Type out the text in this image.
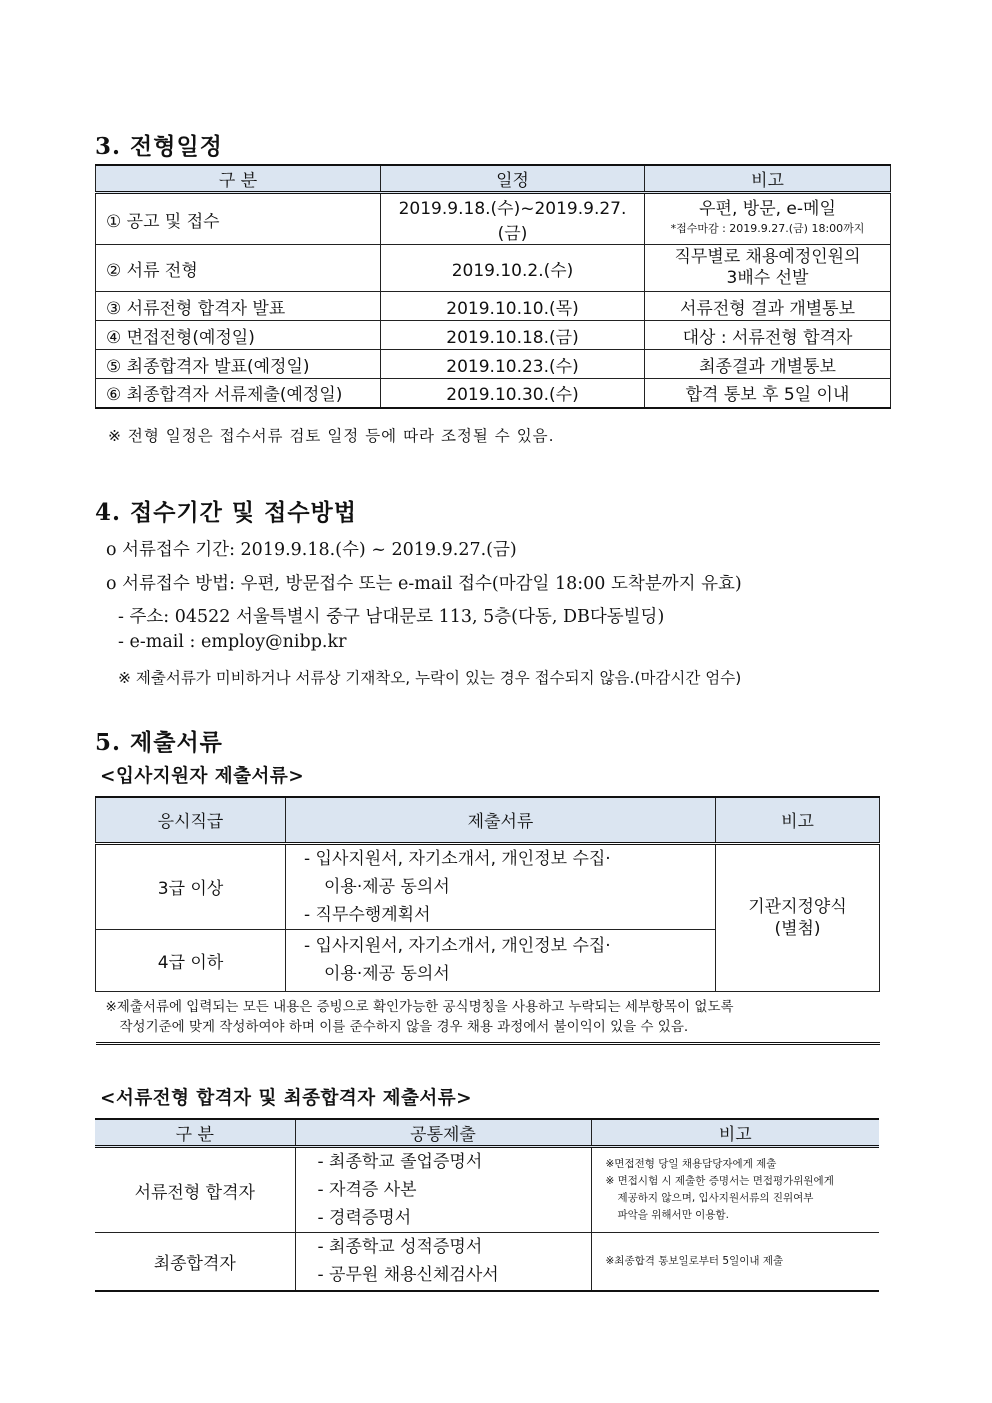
3. 전형일정
구 분	일정	비고
① 공고 및 접수	2019.9.18.(수)~2019.9.27.(금)	우편, 방문, e-메일
*접수마감 : 2019.9.27.(금) 18:00까지

② 서류 전형	2019.10.2.(수)	직무별로 채용예정인원의
3배수 선발

③ 서류전형 합격자 발표	2019.10.10.(목)	서류전형 결과 개별통보
④ 면접전형(예정일)	2019.10.18.(금)	대상 : 서류전형 합격자
⑤ 최종합격자 발표(예정일)	2019.10.23.(수)	최종결과 개별통보
⑥ 최종합격자 서류제출(예정일)	2019.10.30.(수)	합격 통보 후 5일 이내
※ 전형 일정은 접수서류 검토 일정 등에 따라 조정될 수 있음.
4. 접수기간 및 접수방법
o 서류접수 기간: 2019.9.18.(수) ~ 2019.9.27.(금)
o 서류접수 방법: 우편, 방문접수 또는 e-mail 접수(마감일 18:00 도착분까지 유효)
- 주소: 04522 서울특별시 중구 남대문로 113, 5층(다동, DB다동빌딩)
- e-mail : employ@nibp.kr
※ 제출서류가 미비하거나 서류상 기재착오, 누락이 있는 경우 접수되지 않음.(마감시간 엄수)
5. 제출서류
<입사지원자 제출서류>
응시직급	제출서류	비고
3급 이상	- 입사지원서, 자기소개서, 개인정보 수집·
이용·제공 동의서
- 직무수행계획서	기관지정양식
(별첨)

4급 이하	- 입사지원서, 자기소개서, 개인정보 수집·
이용·제공 동의서	

※제출서류에 입력되는 모든 내용은 증빙으로 확인가능한 공식명칭을 사용하고 누락되는 세부항목이 없도록
작성기준에 맞게 작성하여야 하며 이를 준수하지 않을 경우 채용 과정에서 불이익이 있을 수 있음.		
<서류전형 합격자 및 최종합격자 제출서류>
구 분	공통제출	비고
서류전형 합격자	- 최종학교 졸업증명서
- 자격증 사본
- 경력증명서	※면접전형 당일 채용담당자에게 제출
※ 면접시험 시 제출한 증명서는 면접평가위원에게
제공하지 않으며, 입사지원서류의 진위여부
파악을 위해서만 이용함.

최종합격자	- 최종학교 성적증명서
- 공무원 채용신체검사서	※최종합격 통보일로부터 5일이내 제출
